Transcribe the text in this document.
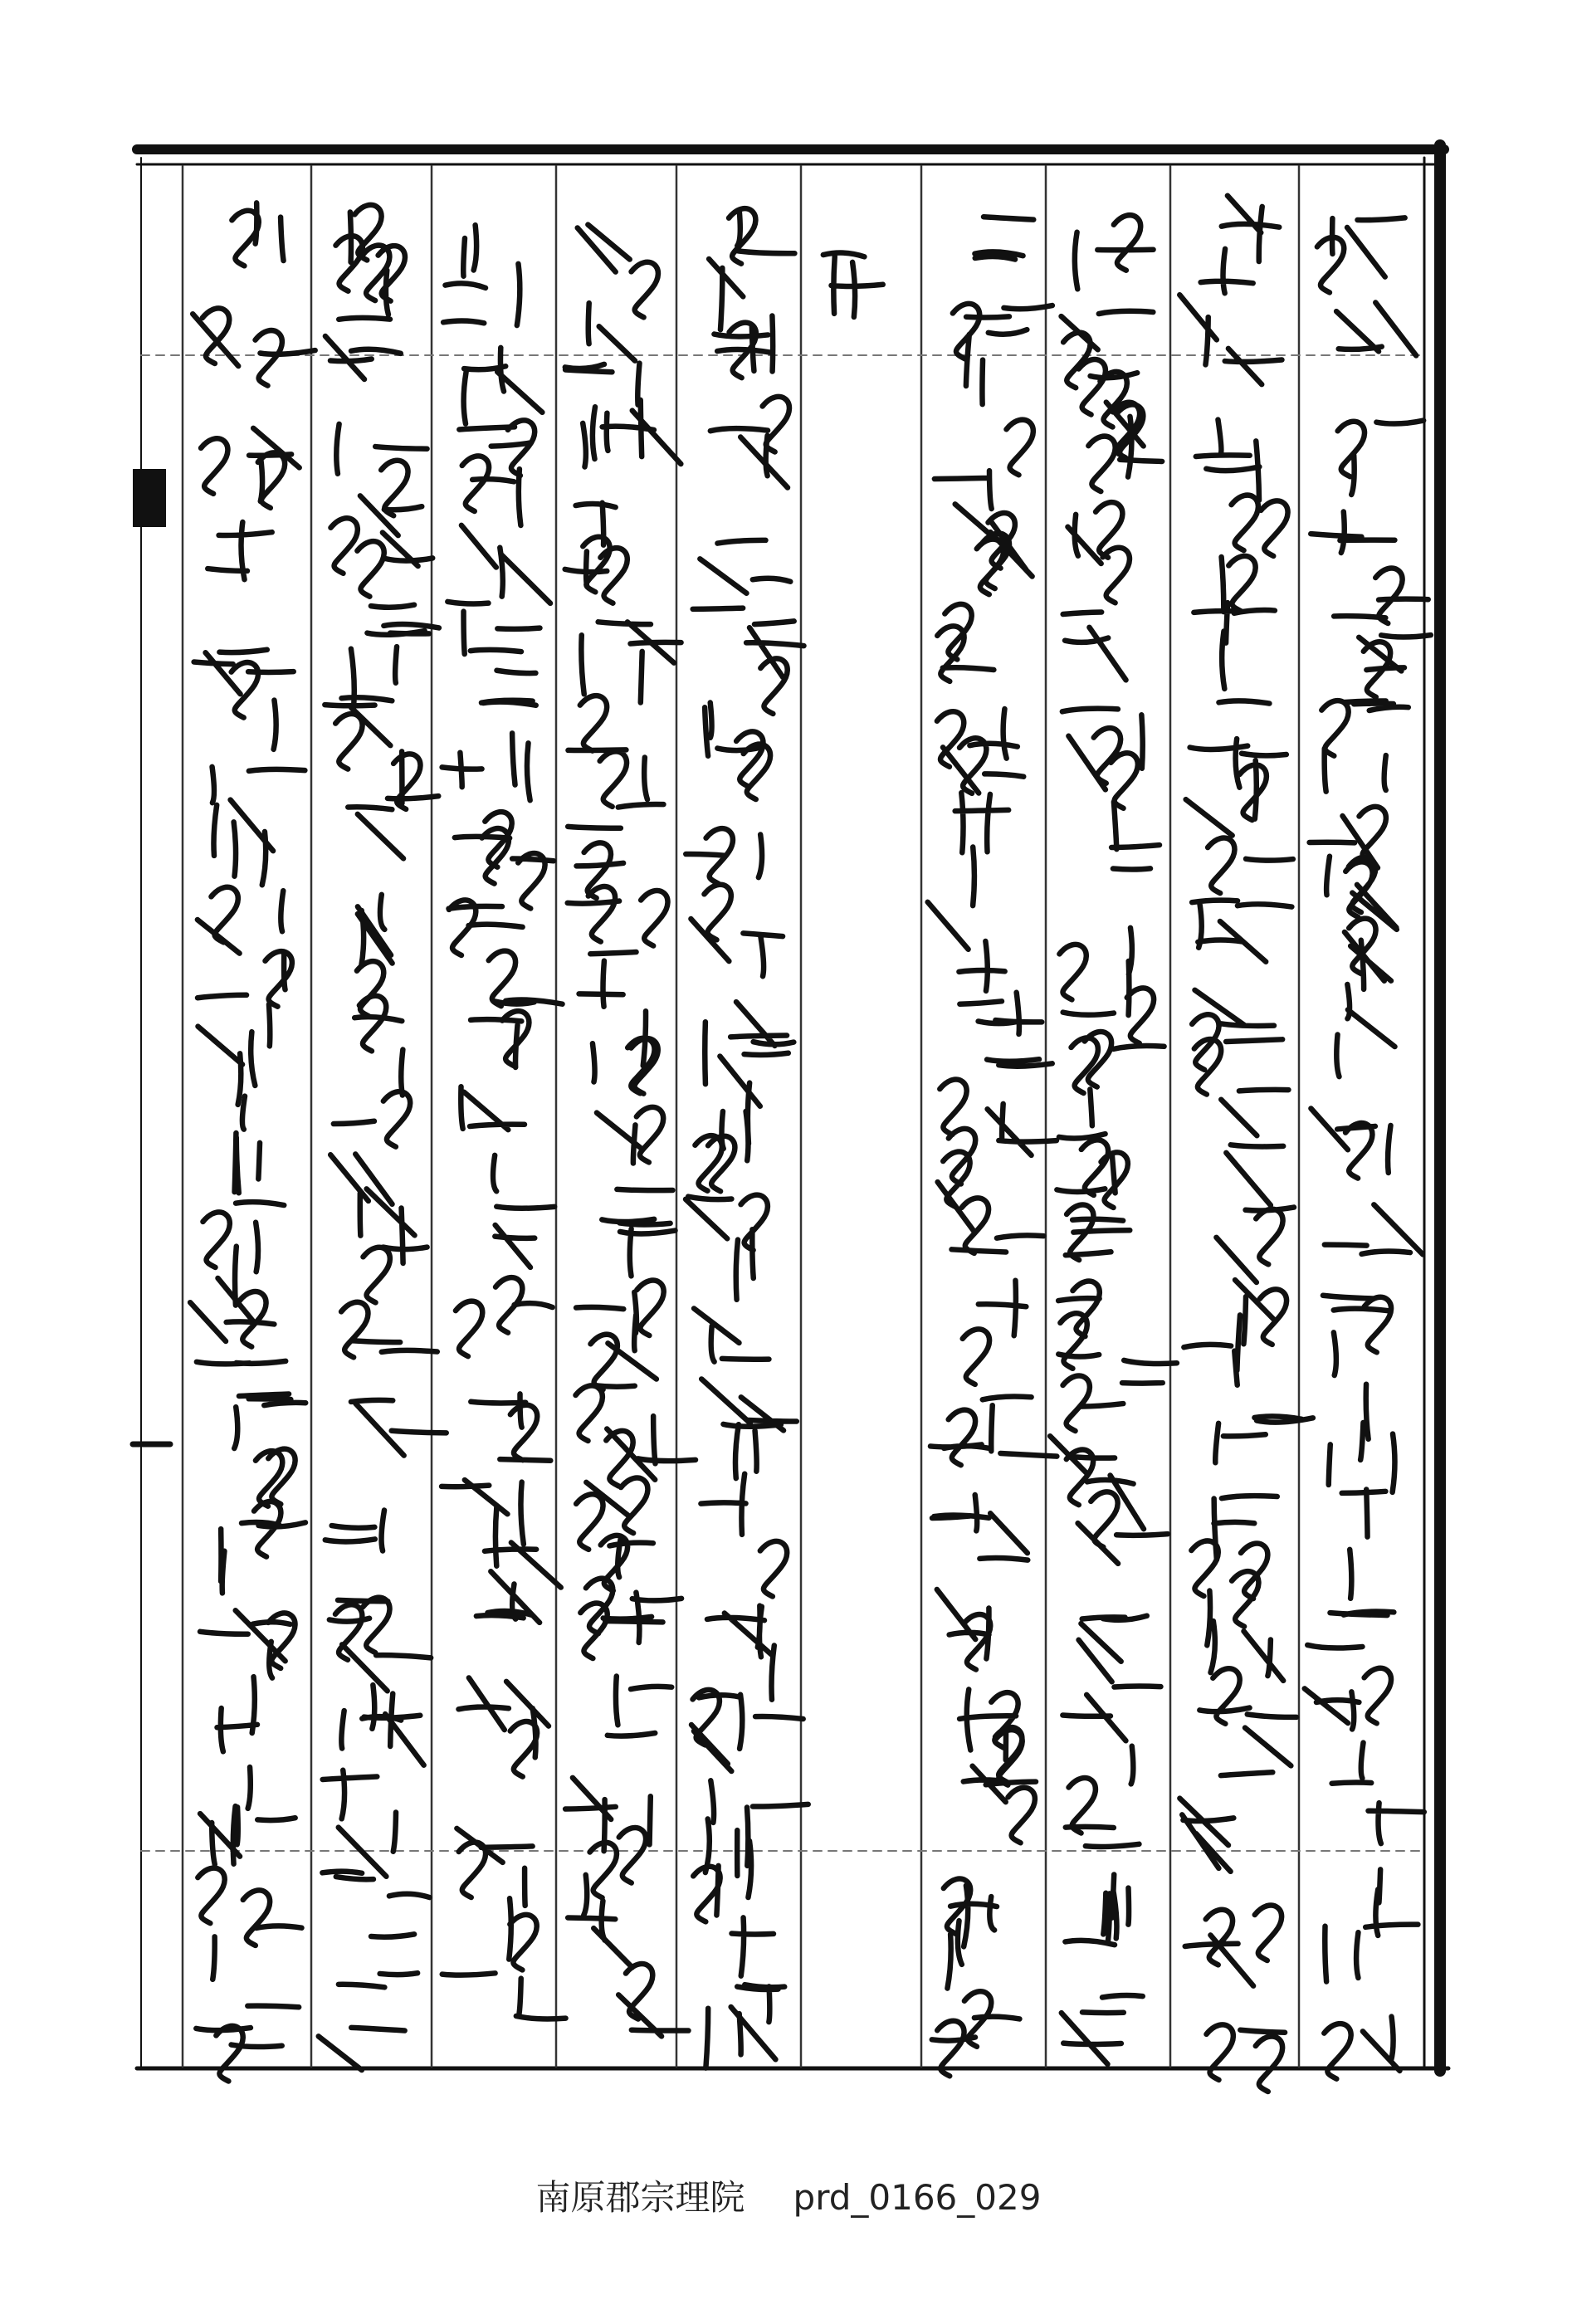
南原郡宗理院 prd_0166_029
